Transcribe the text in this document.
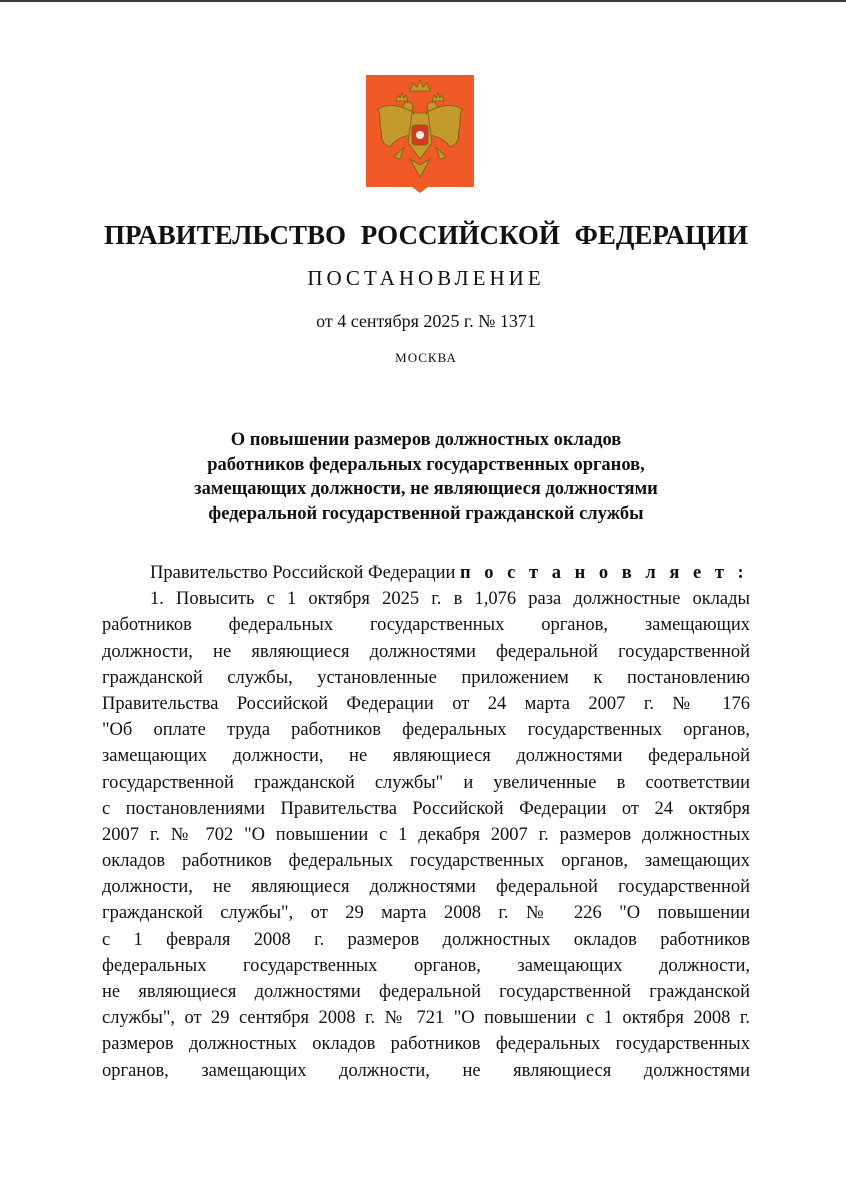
ПРАВИТЕЛЬСТВО РОССИЙСКОЙ ФЕДЕРАЦИИ
ПОСТАНОВЛЕНИЕ
от 4 сентября 2025 г. № 1371
МОСКВА
О повышении размеров должностных окладов
работников федеральных государственных органов,
замещающих должности, не являющиеся должностями
федеральной государственной гражданской службы
Правительство Российской Федерации п о с т а н о в л я е т :
1. Повысить с 1 октября 2025 г. в 1,076 раза должностные оклады
работников федеральных государственных органов, замещающих
должности, не являющиеся должностями федеральной государственной
гражданской службы, установленные приложением к постановлению
Правительства Российской Федерации от 24 марта 2007 г. № 176
"Об оплате труда работников федеральных государственных органов,
замещающих должности, не являющиеся должностями федеральной
государственной гражданской службы" и увеличенные в соответствии
с постановлениями Правительства Российской Федерации от 24 октября
2007 г. № 702 "О повышении с 1 декабря 2007 г. размеров должностных
окладов работников федеральных государственных органов, замещающих
должности, не являющиеся должностями федеральной государственной
гражданской службы", от 29 марта 2008 г. № 226 "О повышении
с 1 февраля 2008 г. размеров должностных окладов работников
федеральных государственных органов, замещающих должности,
не являющиеся должностями федеральной государственной гражданской
службы", от 29 сентября 2008 г. № 721 "О повышении с 1 октября 2008 г.
размеров должностных окладов работников федеральных государственных
органов, замещающих должности, не являющиеся должностями
